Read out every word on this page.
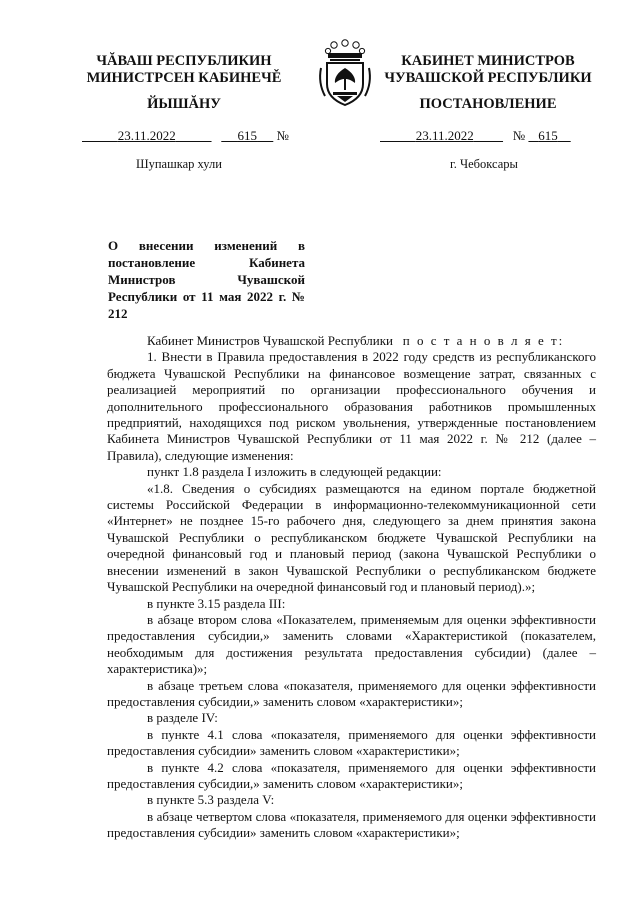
ЧĂВАШ РЕСПУБЛИКИН
МИНИСТРСЕН КАБИНЕЧĚ
ЙЫШĂНУ
КАБИНЕТ МИНИСТРОВ
ЧУВАШСКОЙ РЕСПУБЛИКИ
ПОСТАНОВЛЕНИЕ
23.11.2022	615 №	23.11.2022	№ 615
Шупашкар хули	г. Чебоксары
О внесении изменений в постановление Кабинета Министров Чувашской Республики от 11 мая 2022 г. № 212

Кабинет Министров Чувашской Республики п о с т а н о в л я е т:

1. Внести в Правила предоставления в 2022 году средств из республиканского бюджета Чувашской Республики на финансовое возмещение затрат, связанных с реализацией мероприятий по организации профессионального обучения и дополнительного профессионального образования работников промышленных предприятий, находящихся под риском увольнения, утвержденные постановлением Кабинета Министров Чувашской Республики от 11 мая 2022 г. № 212 (далее – Правила), следующие изменения:

пункт 1.8 раздела I изложить в следующей редакции:

«1.8. Сведения о субсидиях размещаются на едином портале бюджетной системы Российской Федерации в информационно-телекоммуникационной сети «Интернет» не позднее 15-го рабочего дня, следующего за днем принятия закона Чувашской Республики о республиканском бюджете Чувашской Республики на очередной финансовый год и плановый период (закона Чувашской Республики о внесении изменений в закон Чувашской Республики о республиканском бюджете Чувашской Республики на очередной финансовый год и плановый период).»;

в пункте 3.15 раздела III:

в абзаце втором слова «Показателем, применяемым для оценки эффективности предоставления субсидии,» заменить словами «Характеристикой (показателем, необходимым для достижения результата предоставления субсидии) (далее – характеристика)»;

в абзаце третьем слова «показателя, применяемого для оценки эффективности предоставления субсидии,» заменить словом «характеристики»;

в разделе IV:

в пункте 4.1 слова «показателя, применяемого для оценки эффективности предоставления субсидии» заменить словом «характеристики»;

в пункте 4.2 слова «показателя, применяемого для оценки эффективности предоставления субсидии,» заменить словом «характеристики»;

в пункте 5.3 раздела V:

в абзаце четвертом слова «показателя, применяемого для оценки эффективности предоставления субсидии» заменить словом «характеристики»;
